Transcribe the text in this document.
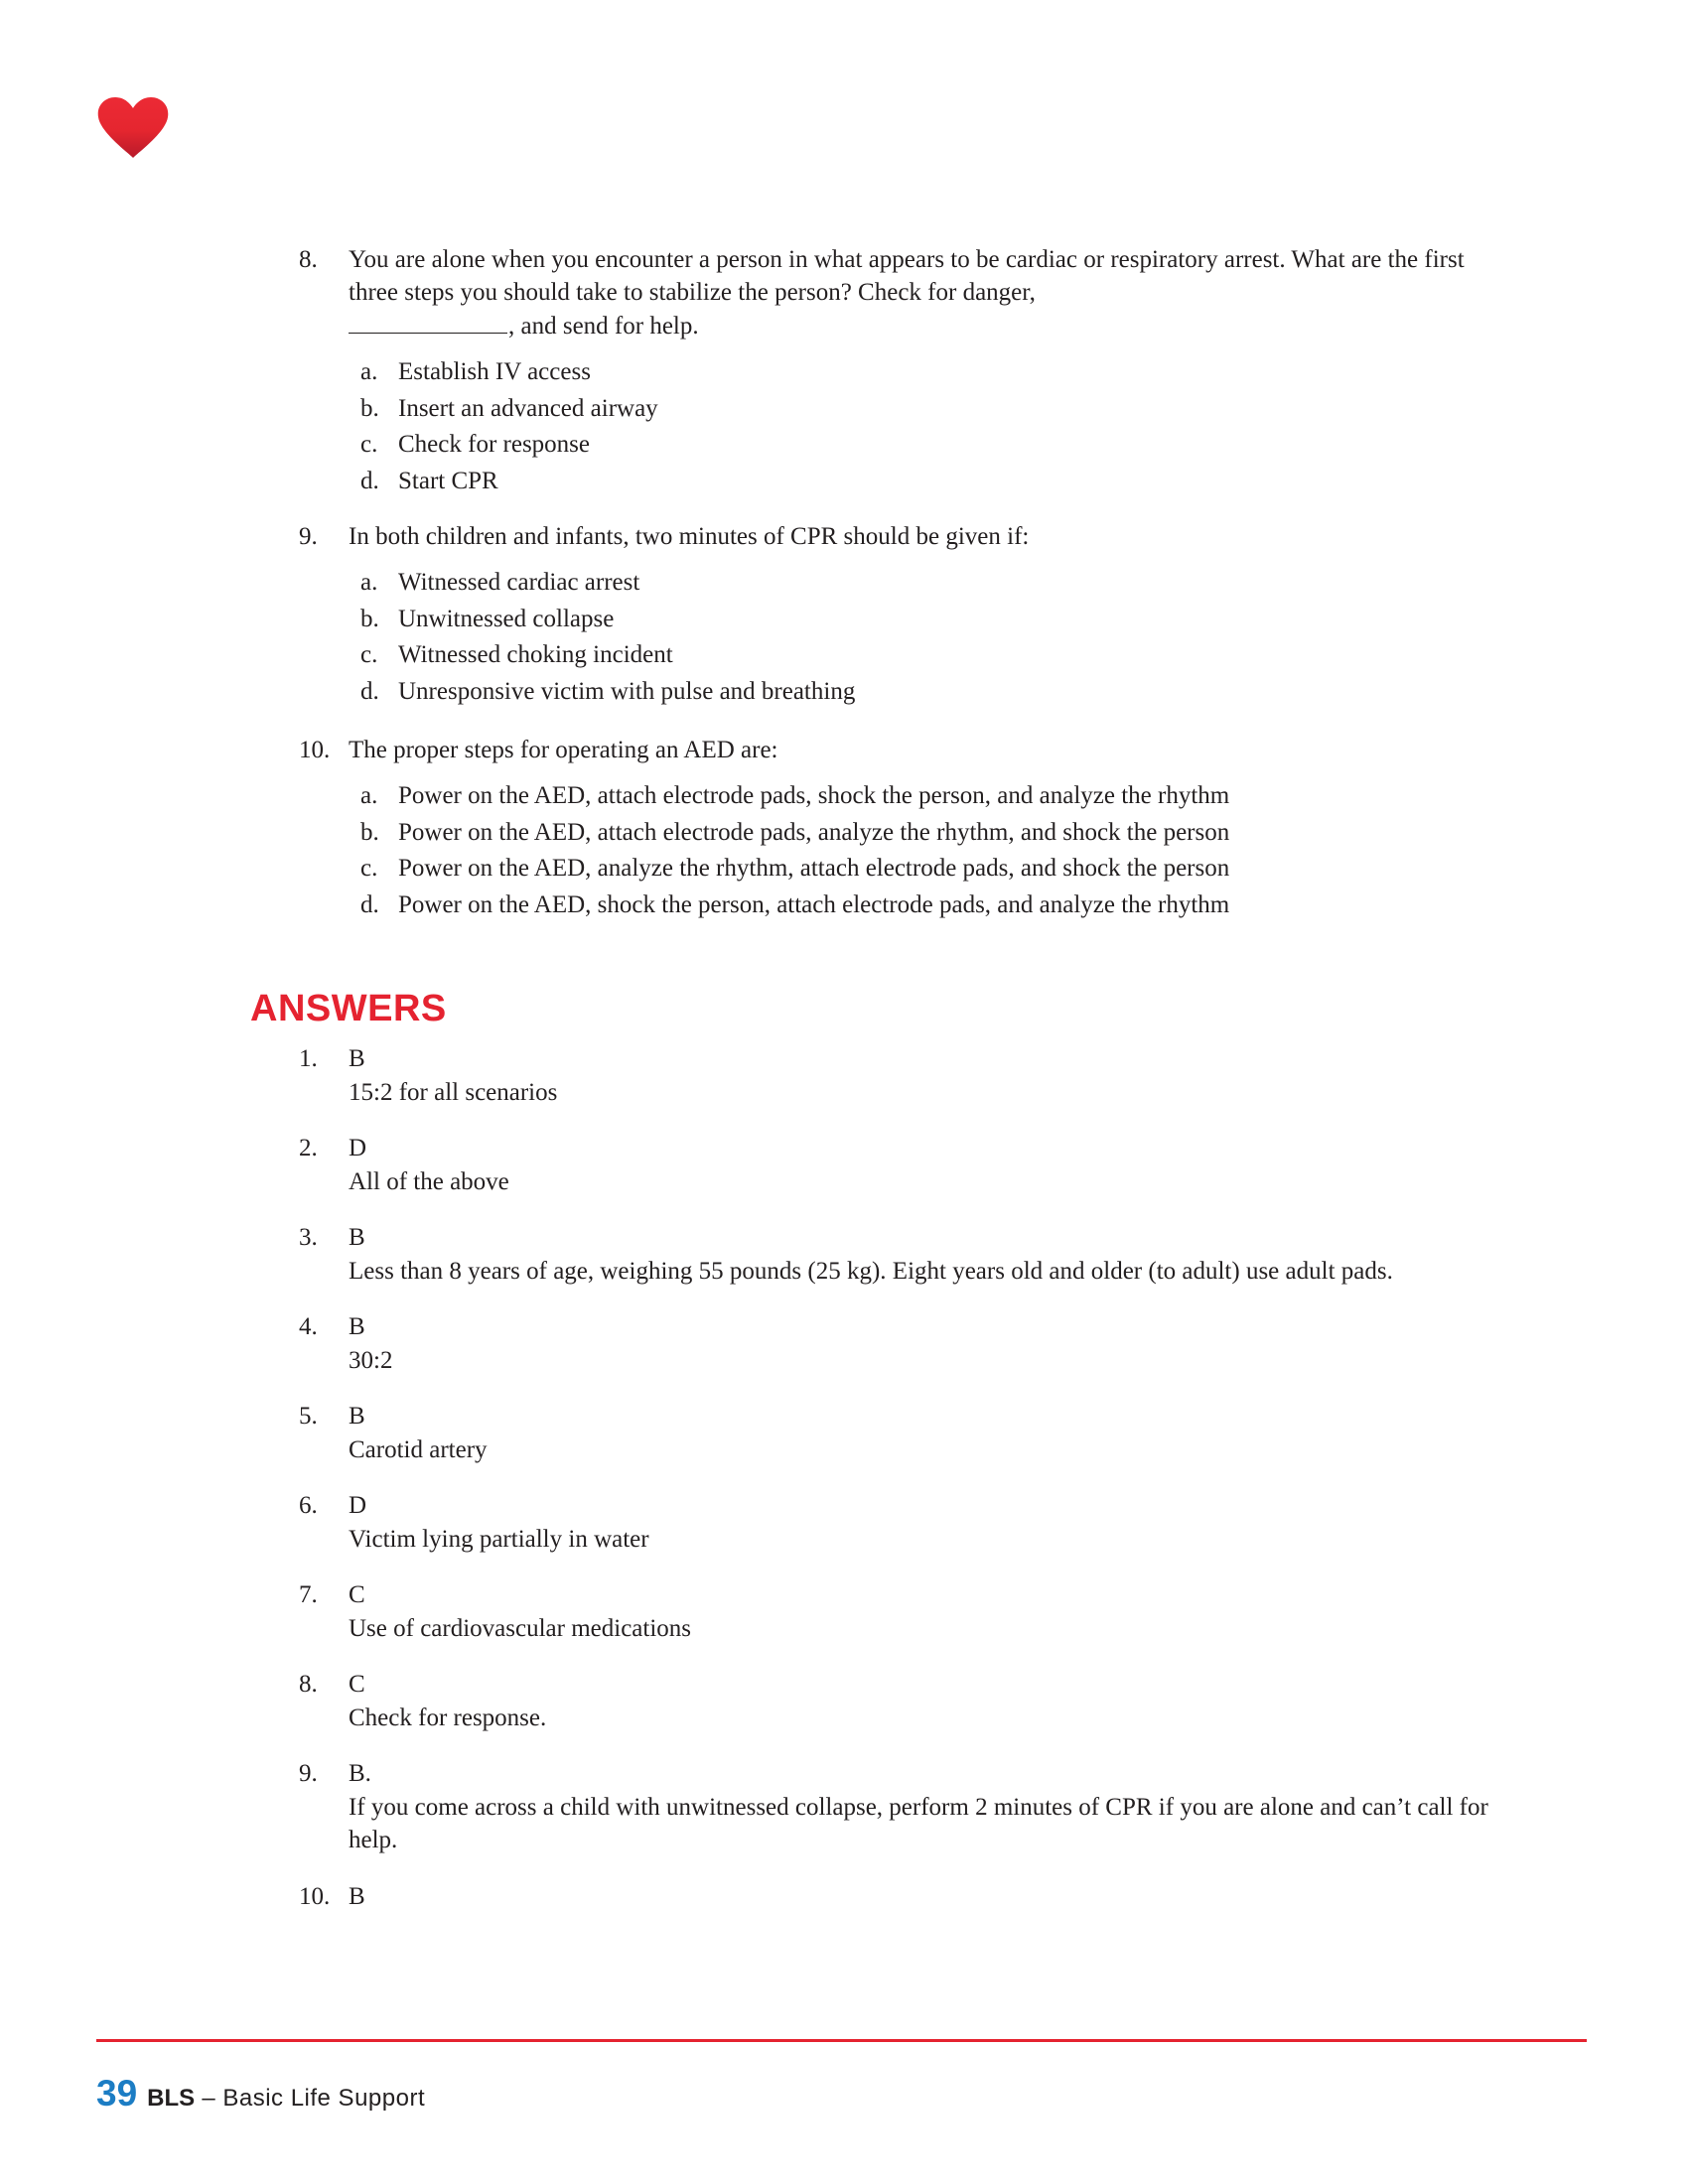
8.	You are alone when you encounter a person in what appears to be cardiac or respiratory arrest. What are the first three steps you should take to stabilize the person? Check for danger,
, and send for help.
a. Establish IV access
b. Insert an advanced airway
c. Check for response
d. Start CPR
9.	In both children and infants, two minutes of CPR should be given if:
a. Witnessed cardiac arrest
b. Unwitnessed collapse
c. Witnessed choking incident
d. Unresponsive victim with pulse and breathing
10. The proper steps for operating an AED are:
a. Power on the AED, attach electrode pads, shock the person, and analyze the rhythm
b. Power on the AED, attach electrode pads, analyze the rhythm, and shock the person
c. Power on the AED, analyze the rhythm, attach electrode pads, and shock the person
d. Power on the AED, shock the person, attach electrode pads, and analyze the rhythm
ANSWERS
1. B
15:2 for all scenarios
2. D
All of the above
3. B
Less than 8 years of age, weighing 55 pounds (25 kg). Eight years old and older (to adult) use adult pads.
4. B
30:2
5. B
Carotid artery
6. D
Victim lying partially in water
7. C
Use of cardiovascular medications
8. C
Check for response.
9. B.
If you come across a child with unwitnessed collapse, perform 2 minutes of CPR if you are alone and can’t call for help.
10. B
39 BLS – Basic Life Support
